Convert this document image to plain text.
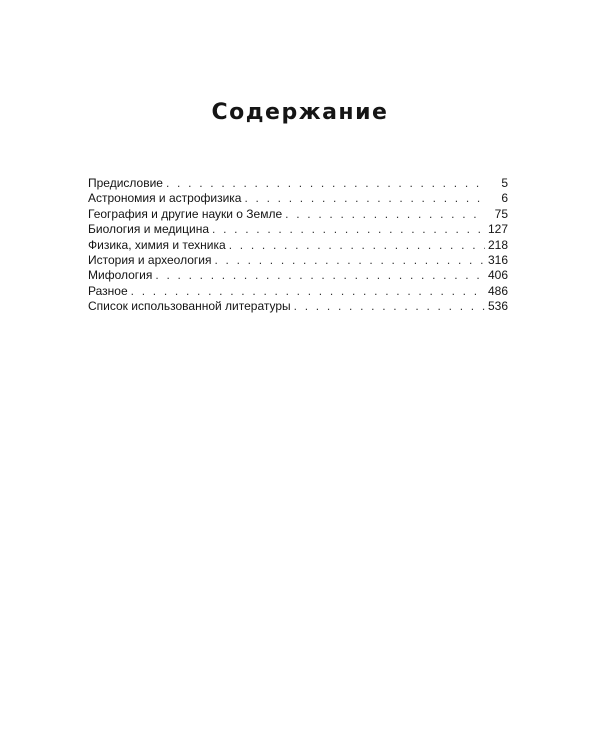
Содержание
Предисловие . . .	5
Астрономия и астрофизика . . .	6
География и другие науки о Земле . . .	75
Биология и медицина . . .	127
Физика, химия и техника . . .	218
История и археология . . .	316
Мифология . . .	406
Разное . . .	486
Список использованной литературы . . .	536
